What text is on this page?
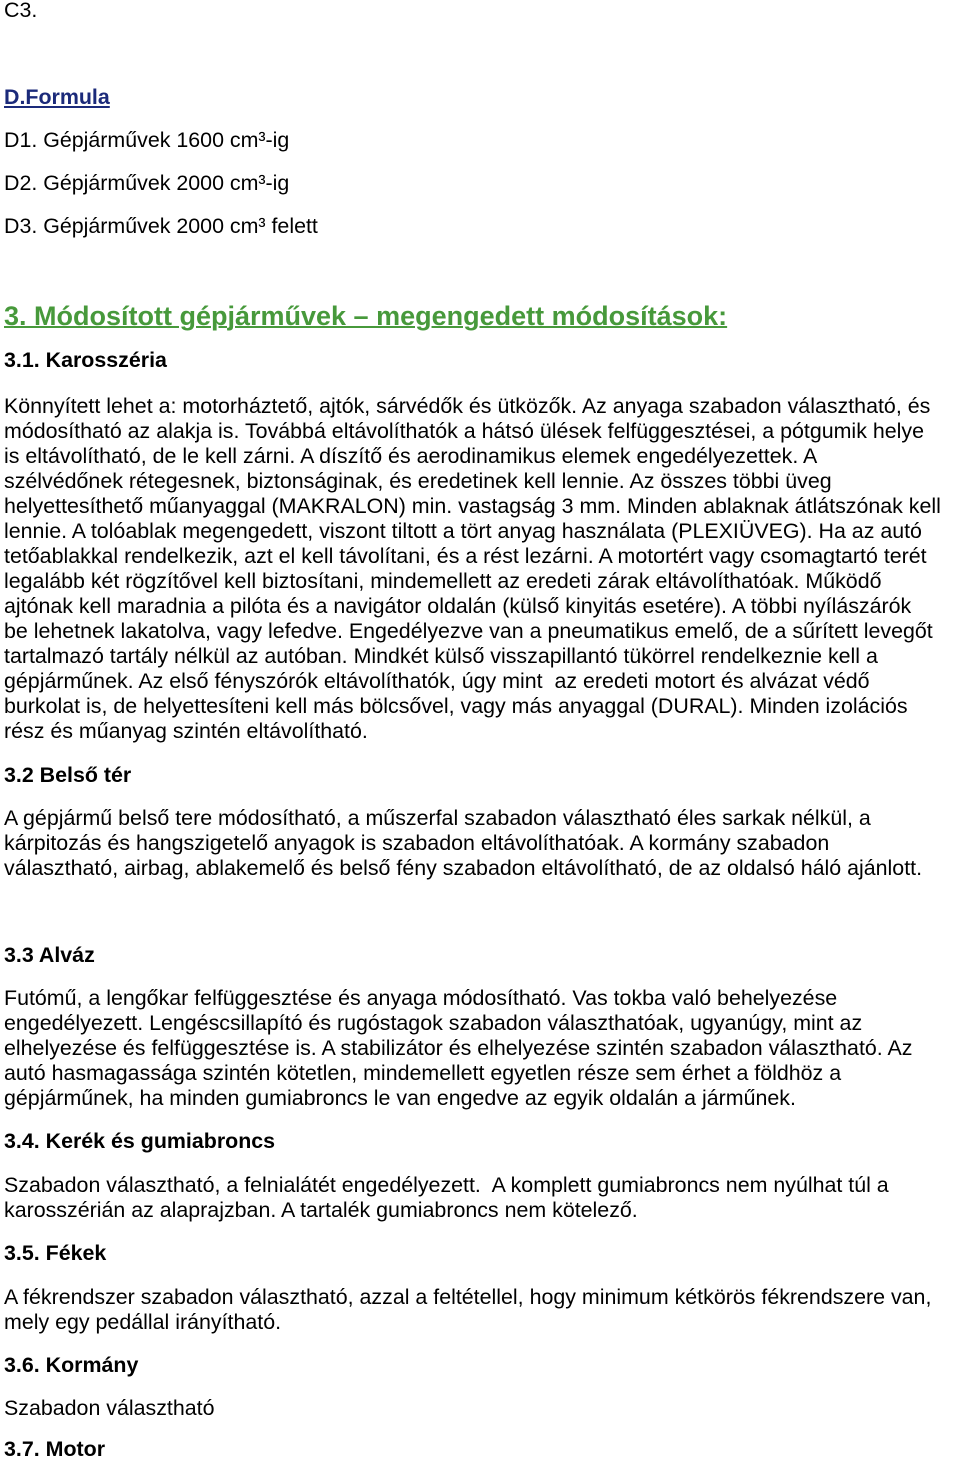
C3.
D.Formula
D1. Gépjárművek 1600 cm³-ig
D2. Gépjárművek 2000 cm³-ig
D3. Gépjárművek 2000 cm³ felett
3. Módosított gépjárművek – megengedett módosítások:
3.1. Karosszéria
Könnyített lehet a: motorháztető, ajtók, sárvédők és ütközők. Az anyaga szabadon választható, és
módosítható az alakja is. Továbbá eltávolíthatók a hátsó ülések felfüggesztései, a pótgumik helye
is eltávolítható, de le kell zárni. A díszítő és aerodinamikus elemek engedélyezettek. A
szélvédőnek rétegesnek, biztonságinak, és eredetinek kell lennie. Az összes többi üveg
helyettesíthető műanyaggal (MAKRALON) min. vastagság 3 mm. Minden ablaknak átlátszónak kell
lennie. A tolóablak megengedett, viszont tiltott a tört anyag használata (PLEXIÜVEG). Ha az autó
tetőablakkal rendelkezik, azt el kell távolítani, és a rést lezárni. A motortért vagy csomagtartó terét
legalább két rögzítővel kell biztosítani, mindemellett az eredeti zárak eltávolíthatóak. Működő
ajtónak kell maradnia a pilóta és a navigátor oldalán (külső kinyitás esetére). A többi nyílászárók
be lehetnek lakatolva, vagy lefedve. Engedélyezve van a pneumatikus emelő, de a sűrített levegőt
tartalmazó tartály nélkül az autóban. Mindkét külső visszapillantó tükörrel rendelkeznie kell a
gépjárműnek. Az első fényszórók eltávolíthatók, úgy mint  az eredeti motort és alvázat védő
burkolat is, de helyettesíteni kell más bölcsővel, vagy más anyaggal (DURAL). Minden izolációs
rész és műanyag szintén eltávolítható.
3.2 Belső tér
A gépjármű belső tere módosítható, a műszerfal szabadon választható éles sarkak nélkül, a
kárpitozás és hangszigetelő anyagok is szabadon eltávolíthatóak. A kormány szabadon
választható, airbag, ablakemelő és belső fény szabadon eltávolítható, de az oldalsó háló ajánlott.
3.3 Alváz
Futómű, a lengőkar felfüggesztése és anyaga módosítható. Vas tokba való behelyezése
engedélyezett. Lengéscsillapító és rugóstagok szabadon választhatóak, ugyanúgy, mint az
elhelyezése és felfüggesztése is. A stabilizátor és elhelyezése szintén szabadon választható. Az
autó hasmagassága szintén kötetlen, mindemellett egyetlen része sem érhet a földhöz a
gépjárműnek, ha minden gumiabroncs le van engedve az egyik oldalán a járműnek.
3.4. Kerék és gumiabroncs
Szabadon választható, a felnialátét engedélyezett.  A komplett gumiabroncs nem nyúlhat túl a
karosszérián az alaprajzban. A tartalék gumiabroncs nem kötelező.
3.5. Fékek
A fékrendszer szabadon választható, azzal a feltétellel, hogy minimum kétkörös fékrendszere van,
mely egy pedállal irányítható.
3.6. Kormány
Szabadon választható
3.7. Motor
